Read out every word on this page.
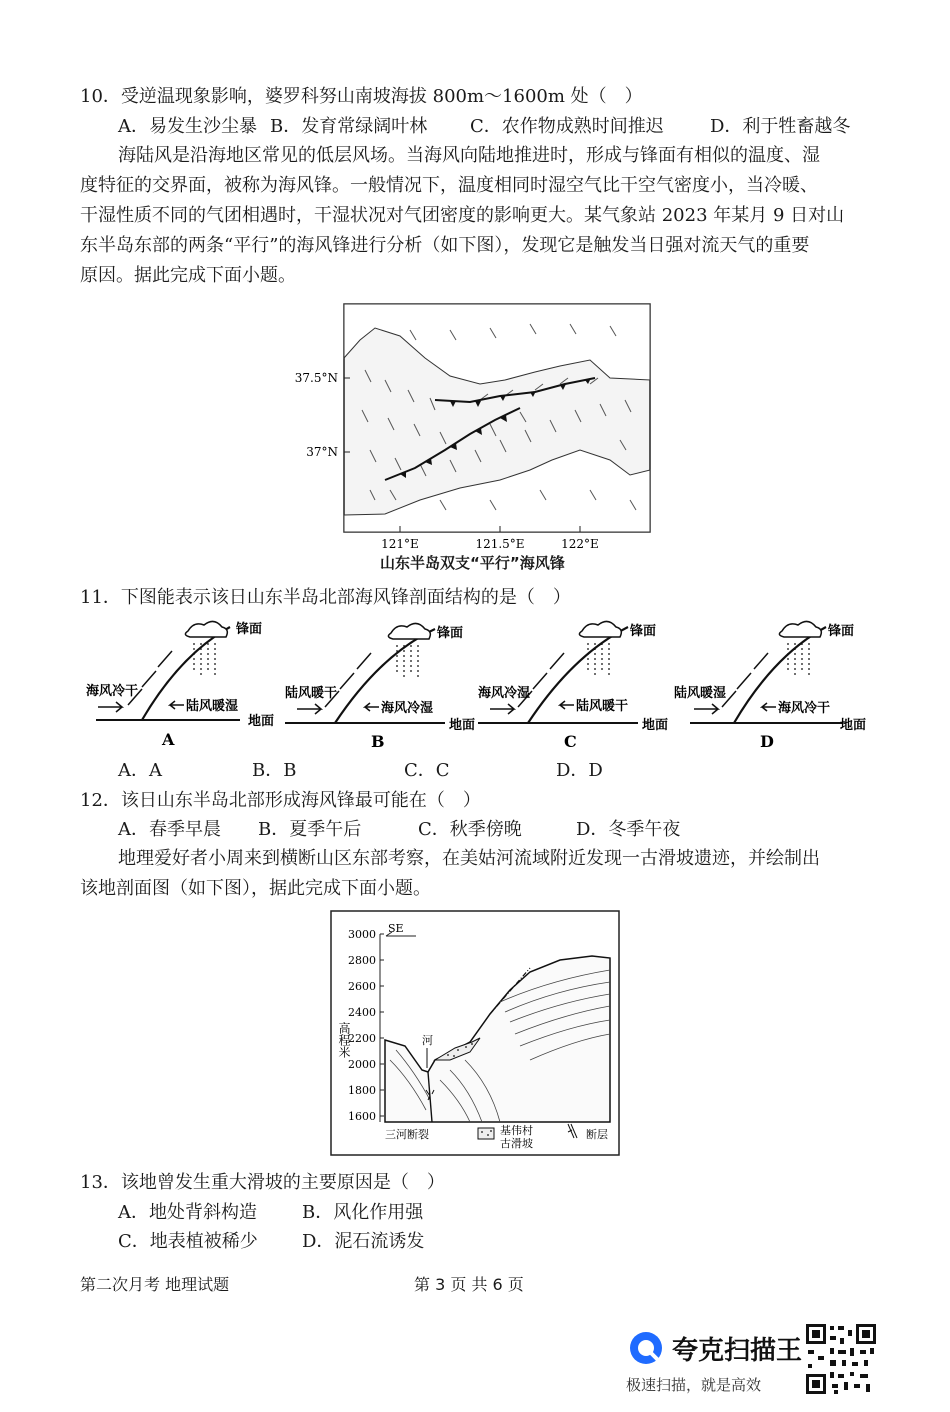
10．受逆温现象影响，婆罗科努山南坡海拔 800m～1600m 处（　）
A．易发生沙尘暴 B．发育常绿阔叶林 C．农作物成熟时间推迟	D．利于牲畜越冬
海陆风是沿海地区常见的低层风场。当海风向陆地推进时，形成与锋面有相似的温度、湿
度特征的交界面，被称为海风锋。一般情况下，温度相同时湿空气比干空气密度小，当冷暖、
干湿性质不同的气团相遇时，干湿状况对气团密度的影响更大。某气象站 2023 年某月 9 日对山
东半岛东部的两条“平行”的海风锋进行分析（如下图），发现它是触发当日强对流天气的重要
原因。据此完成下面小题。
37.5°N
37°N
121°E	121.5°E	122°E
山东半岛双支“平行”海风锋
11．下图能表示该日山东半岛北部海风锋剖面结构的是（　）
海风冷干
陆风暖湿
锋面
地面
A
陆风暖干
海风冷湿
锋面
地面
B
海风冷湿
陆风暖干
锋面
地面
C
陆风暖湿
海风冷干
锋面
地面
D
A．A	B．B	C．C	D．D
12．该日山东半岛北部形成海风锋最可能在（　）
A．春季早晨 B．夏季午后	C．秋季傍晚	D．冬季午夜
地理爱好者小周来到横断山区东部考察，在美姑河流域附近发现一古滑坡遗迹，并绘制出
该地剖面图（如下图），据此完成下面小题。
3000
2800
2600
2400
2200
2000
1800
1600
高程米
SE
河
三河断裂	基伟村
古滑坡
断层
13．该地曾发生重大滑坡的主要原因是（　）
A．地处背斜构造	B．风化作用强
C．地表植被稀少 D．泥石流诱发
第二次月考 地理试题	第 3 页 共 6 页
夸克扫描王
极速扫描，就是高效
